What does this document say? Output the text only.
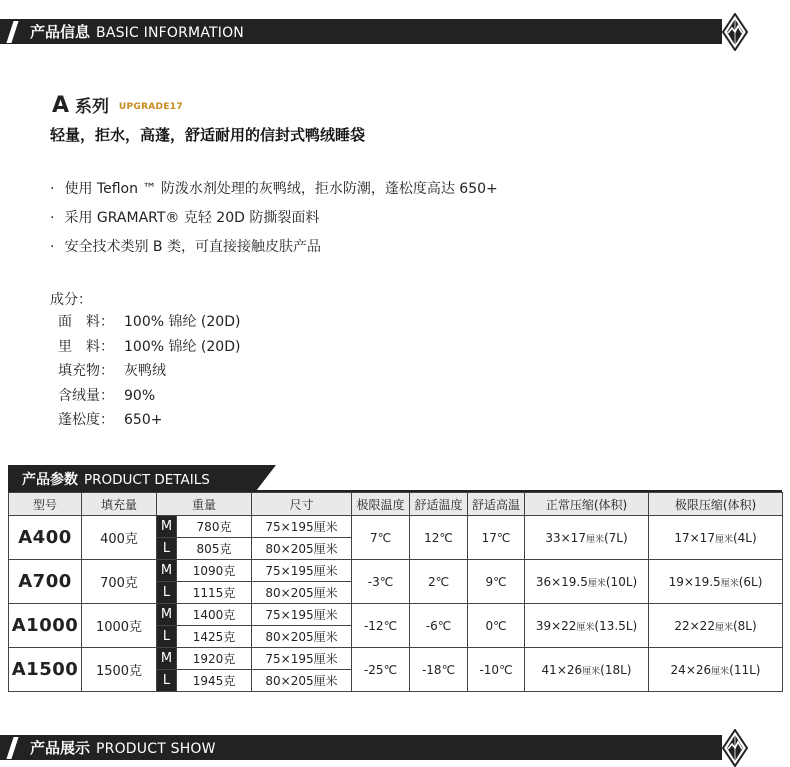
产品信息 BASIC INFORMATION
A 系列 UPGRADE17
轻量，拒水，高蓬，舒适耐用的信封式鸭绒睡袋
· 使用 Teflon ™ 防泼水剂处理的灰鸭绒，拒水防潮，蓬松度高达 650+
· 采用 GRAMART® 克轻 20D 防撕裂面料
· 安全技术类别 B 类，可直接接触皮肤产品
成分：
面　料： 100% 锦纶 (20D)
里　料： 100% 锦纶 (20D)
填充物： 灰鸭绒
含绒量： 90%
蓬松度： 650+
产品参数 PRODUCT DETAILS
型号	填充量	重量		尺寸	极限温度	舒适温度	舒适高温	正常压缩(体积)	极限压缩(体积)
A400	400克	M	780克	75×195厘米	7℃	12℃	17℃	33×17厘米(7L)	17×17厘米(4L)
		L	805克	80×205厘米					
A700	700克	M	1090克	75×195厘米	-3℃	2℃	9℃	36×19.5厘米(10L)	19×19.5厘米(6L)
		L	1115克	80×205厘米					
A1000	1000克	M	1400克	75×195厘米	-12℃	-6℃	0℃	39×22厘米(13.5L)	22×22厘米(8L)
		L	1425克	80×205厘米					
A1500	1500克	M	1920克	75×195厘米	-25℃	-18℃	-10℃	41×26厘米(18L)	24×26厘米(11L)
		L	1945克	80×205厘米					
产品展示 PRODUCT SHOW
